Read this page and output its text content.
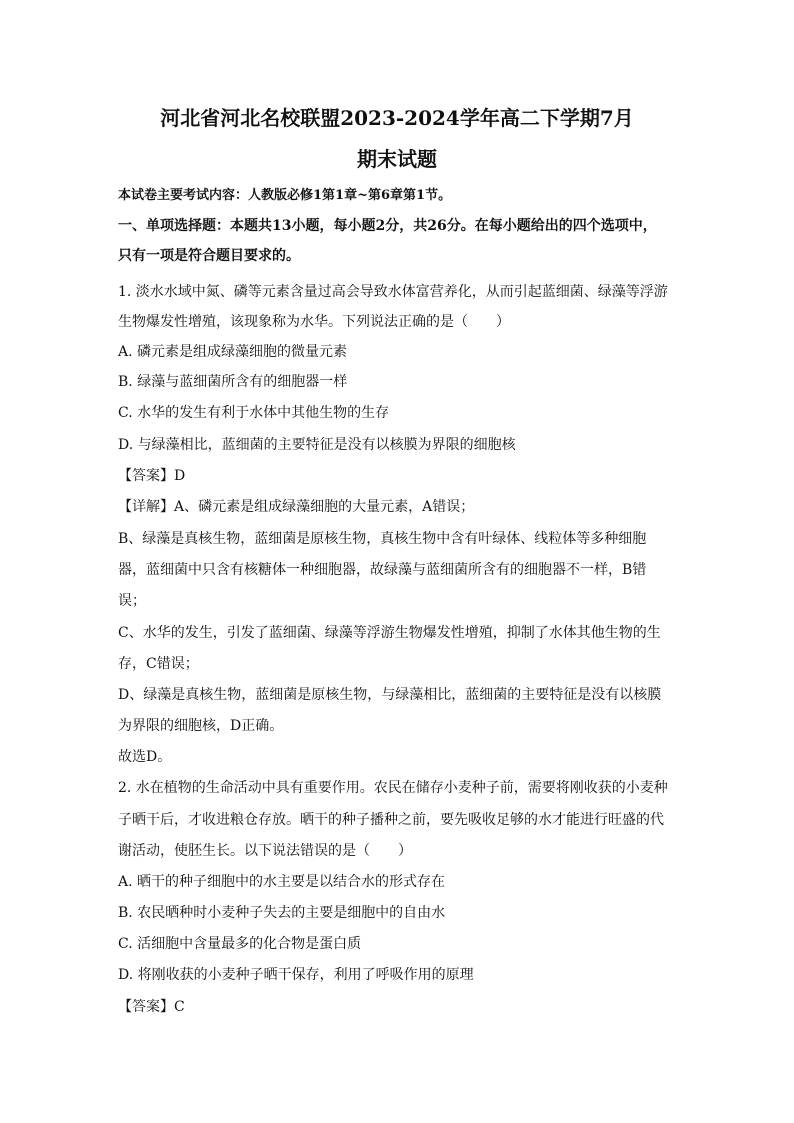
河北省河北名校联盟2023-2024学年高二下学期7月
期末试题
本试卷主要考试内容：人教版必修1第1章~第6章第1节。
一、单项选择题：本题共13小题，每小题2分，共26分。在每小题给出的四个选项中，
只有一项是符合题目要求的。
1. 淡水水域中氮、磷等元素含量过高会导致水体富营养化，从而引起蓝细菌、绿藻等浮游
生物爆发性增殖，该现象称为水华。下列说法正确的是（　　）
A. 磷元素是组成绿藻细胞的微量元素
B. 绿藻与蓝细菌所含有的细胞器一样
C. 水华的发生有利于水体中其他生物的生存
D. 与绿藻相比，蓝细菌的主要特征是没有以核膜为界限的细胞核
【答案】D
【详解】A、磷元素是组成绿藻细胞的大量元素，A错误；
B、绿藻是真核生物，蓝细菌是原核生物，真核生物中含有叶绿体、线粒体等多种细胞
器，蓝细菌中只含有核糖体一种细胞器，故绿藻与蓝细菌所含有的细胞器不一样，B错
误；
C、水华的发生，引发了蓝细菌、绿藻等浮游生物爆发性增殖，抑制了水体其他生物的生
存，C错误；
D、绿藻是真核生物，蓝细菌是原核生物，与绿藻相比，蓝细菌的主要特征是没有以核膜
为界限的细胞核，D正确。
故选D。
2. 水在植物的生命活动中具有重要作用。农民在储存小麦种子前，需要将刚收获的小麦种
子晒干后，才收进粮仓存放。晒干的种子播种之前，要先吸收足够的水才能进行旺盛的代
谢活动，使胚生长。以下说法错误的是（　　）
A. 晒干的种子细胞中的水主要是以结合水的形式存在
B. 农民晒种时小麦种子失去的主要是细胞中的自由水
C. 活细胞中含量最多的化合物是蛋白质
D. 将刚收获的小麦种子晒干保存，利用了呼吸作用的原理
【答案】C
